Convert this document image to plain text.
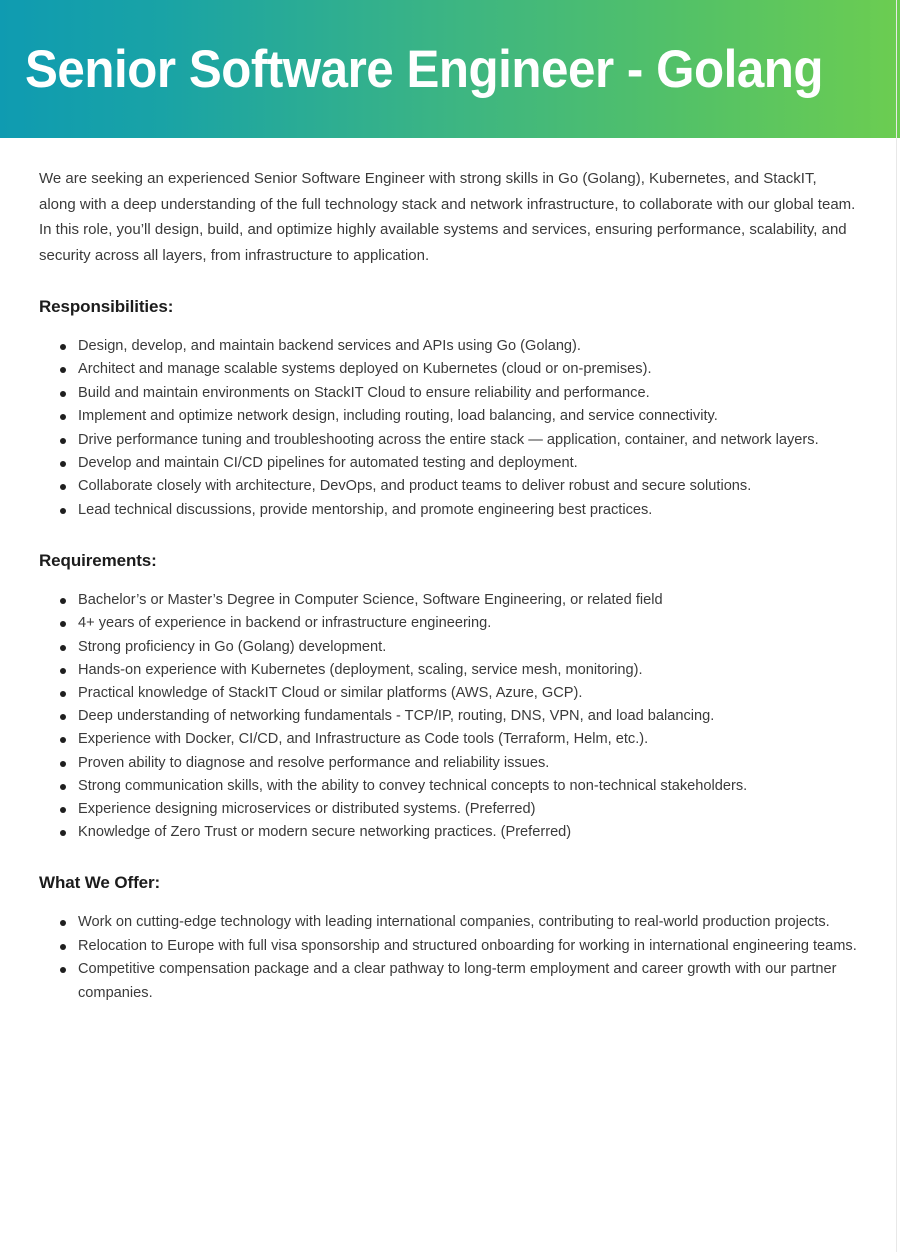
Senior Software Engineer - Golang

We are seeking an experienced Senior Software Engineer with strong skills in Go (Golang), Kubernetes, and StackIT, along with a deep understanding of the full technology stack and network infrastructure, to collaborate with our global team. In this role, you’ll design, build, and optimize highly available systems and services, ensuring performance, scalability, and security across all layers, from infrastructure to application.

Responsibilities:
Design, develop, and maintain backend services and APIs using Go (Golang).
Architect and manage scalable systems deployed on Kubernetes (cloud or on-premises).
Build and maintain environments on StackIT Cloud to ensure reliability and performance.
Implement and optimize network design, including routing, load balancing, and service connectivity.
Drive performance tuning and troubleshooting across the entire stack — application, container, and network layers.
Develop and maintain CI/CD pipelines for automated testing and deployment.
Collaborate closely with architecture, DevOps, and product teams to deliver robust and secure solutions.
Lead technical discussions, provide mentorship, and promote engineering best practices.
Requirements:
Bachelor’s or Master’s Degree in Computer Science, Software Engineering, or related field
4+ years of experience in backend or infrastructure engineering.
Strong proficiency in Go (Golang) development.
Hands-on experience with Kubernetes (deployment, scaling, service mesh, monitoring).
Practical knowledge of StackIT Cloud or similar platforms (AWS, Azure, GCP).
Deep understanding of networking fundamentals - TCP/IP, routing, DNS, VPN, and load balancing.
Experience with Docker, CI/CD, and Infrastructure as Code tools (Terraform, Helm, etc.).
Proven ability to diagnose and resolve performance and reliability issues.
Strong communication skills, with the ability to convey technical concepts to non-technical stakeholders.
Experience designing microservices or distributed systems. (Preferred)
Knowledge of Zero Trust or modern secure networking practices. (Preferred)
What We Offer:
Work on cutting-edge technology with leading international companies, contributing to real-world production projects.
Relocation to Europe with full visa sponsorship and structured onboarding for working in international engineering teams.
Competitive compensation package and a clear pathway to long-term employment and career growth with our partner companies.
